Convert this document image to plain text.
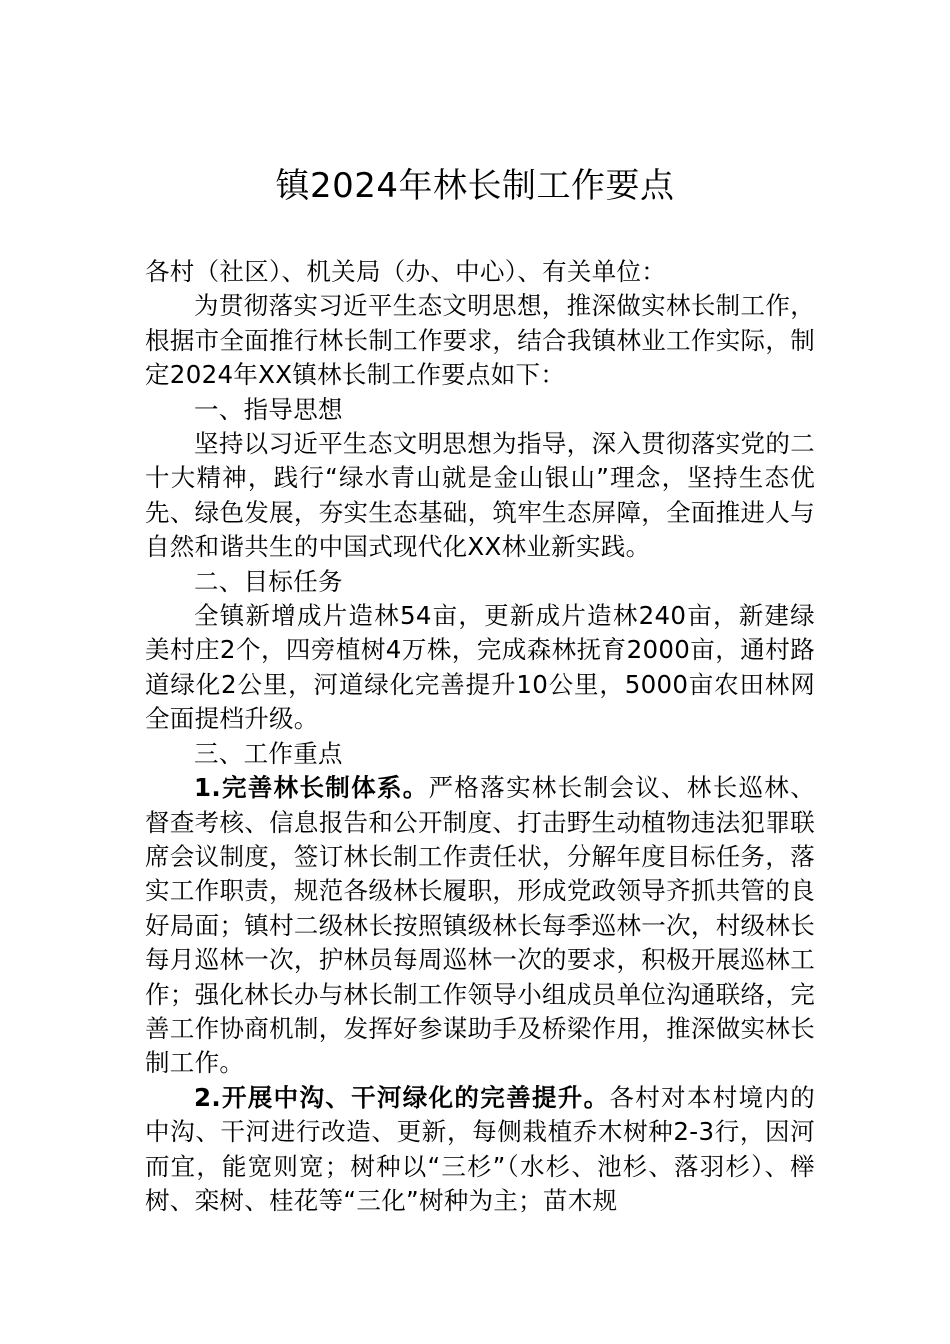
镇2024年林长制工作要点

各村（社区）、机关局（办、中心）、有关单位：

为贯彻落实习近平生态文明思想，推深做实林长制工作，根据市全面推行林长制工作要求，结合我镇林业工作实际，制定2024年XX镇林长制工作要点如下：

一、指导思想

坚持以习近平生态文明思想为指导，深入贯彻落实党的二十大精神，践行“绿水青山就是金山银山”理念，坚持生态优先、绿色发展，夯实生态基础，筑牢生态屏障，全面推进人与自然和谐共生的中国式现代化XX林业新实践。

二、目标任务

全镇新增成片造林54亩，更新成片造林240亩，新建绿美村庄2个，四旁植树4万株，完成森林抚育2000亩，通村路道绿化2公里，河道绿化完善提升10公里，5000亩农田林网全面提档升级。

三、工作重点

1.完善林长制体系。严格落实林长制会议、林长巡林、督查考核、信息报告和公开制度、打击野生动植物违法犯罪联席会议制度，签订林长制工作责任状，分解年度目标任务，落实工作职责，规范各级林长履职，形成党政领导齐抓共管的良好局面；镇村二级林长按照镇级林长每季巡林一次，村级林长每月巡林一次，护林员每周巡林一次的要求，积极开展巡林工作；强化林长办与林长制工作领导小组成员单位沟通联络，完善工作协商机制，发挥好参谋助手及桥梁作用，推深做实林长制工作。

2.开展中沟、干河绿化的完善提升。各村对本村境内的中沟、干河进行改造、更新，每侧栽植乔木树种2-3行，因河而宜，能宽则宽；树种以“三杉”（水杉、池杉、落羽杉）、榉树、栾树、桂花等“三化”树种为主；苗木规
